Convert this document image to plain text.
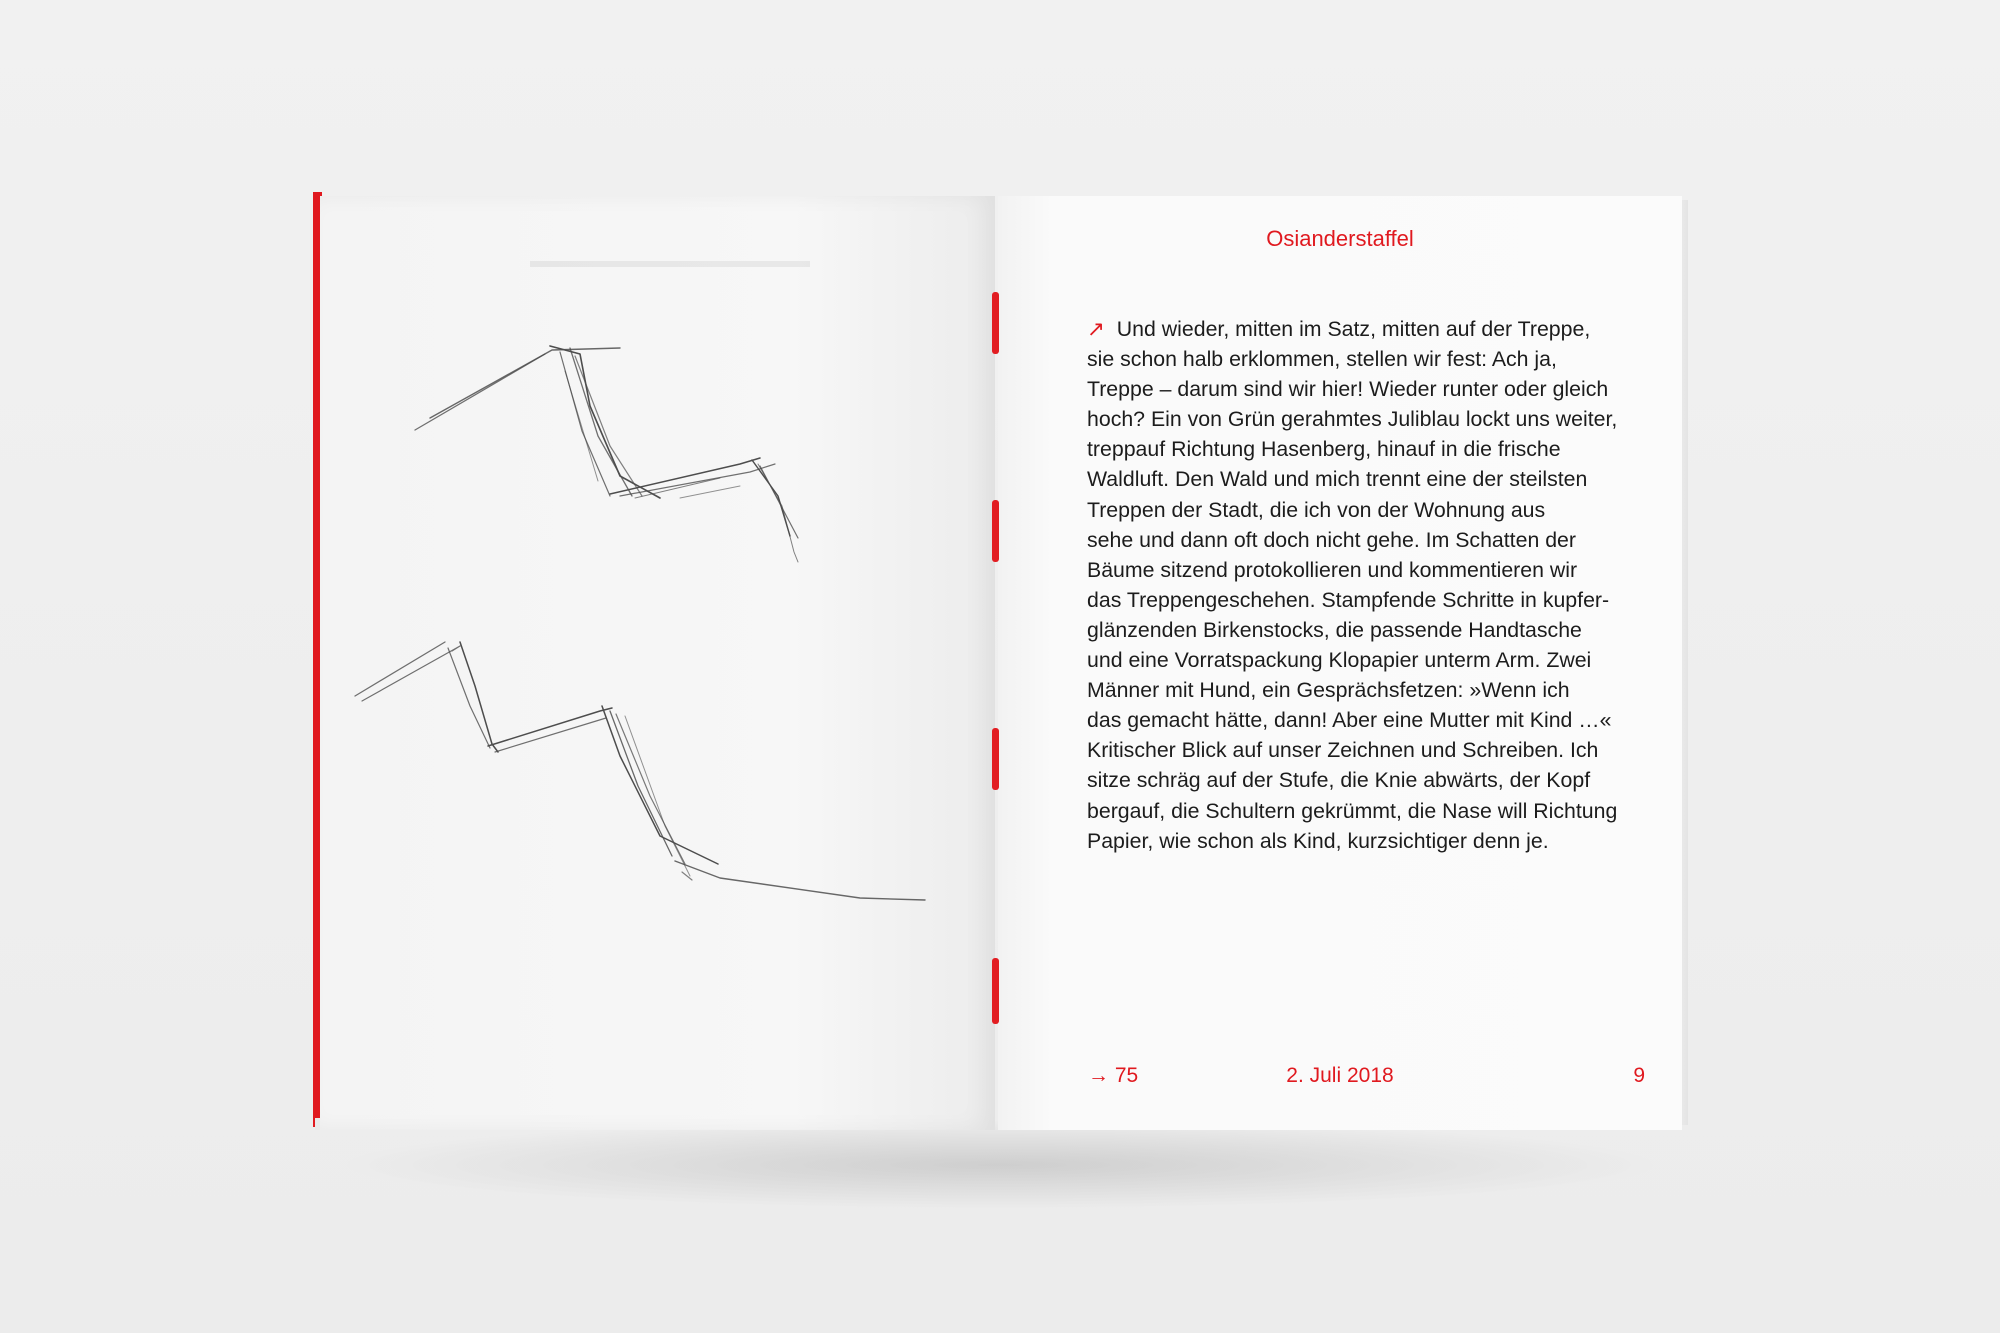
▬▬▬▬▬▬▬▬▬▬▬▬▬▬
Osianderstaffel
↗ Und wieder, mitten im Satz, mitten auf der Treppe,
sie schon halb erklommen, stellen wir fest: Ach ja,
Treppe – darum sind wir hier! Wieder runter oder gleich
hoch? Ein von Grün gerahmtes Juliblau lockt uns weiter,
treppauf Richtung Hasenberg, hinauf in die frische
Waldluft. Den Wald und mich trennt eine der steilsten
Treppen der Stadt, die ich von der Wohnung aus
sehe und dann oft doch nicht gehe. Im Schatten der
Bäume sitzend protokollieren und kommentieren wir
das Treppengeschehen. Stampfende Schritte in kupfer-
glänzenden Birkenstocks, die passende Handtasche
und eine Vorratspackung Klopapier unterm Arm. Zwei
Männer mit Hund, ein Gesprächsfetzen: »Wenn ich
das gemacht hätte, dann! Aber eine Mutter mit Kind …«
Kritischer Blick auf unser Zeichnen und Schreiben. Ich
sitze schräg auf der Stufe, die Knie abwärts, der Kopf
bergauf, die Schultern gekrümmt, die Nase will Richtung
Papier, wie schon als Kind, kurzsichtiger denn je.
→ 75	2. Juli 2018	9
